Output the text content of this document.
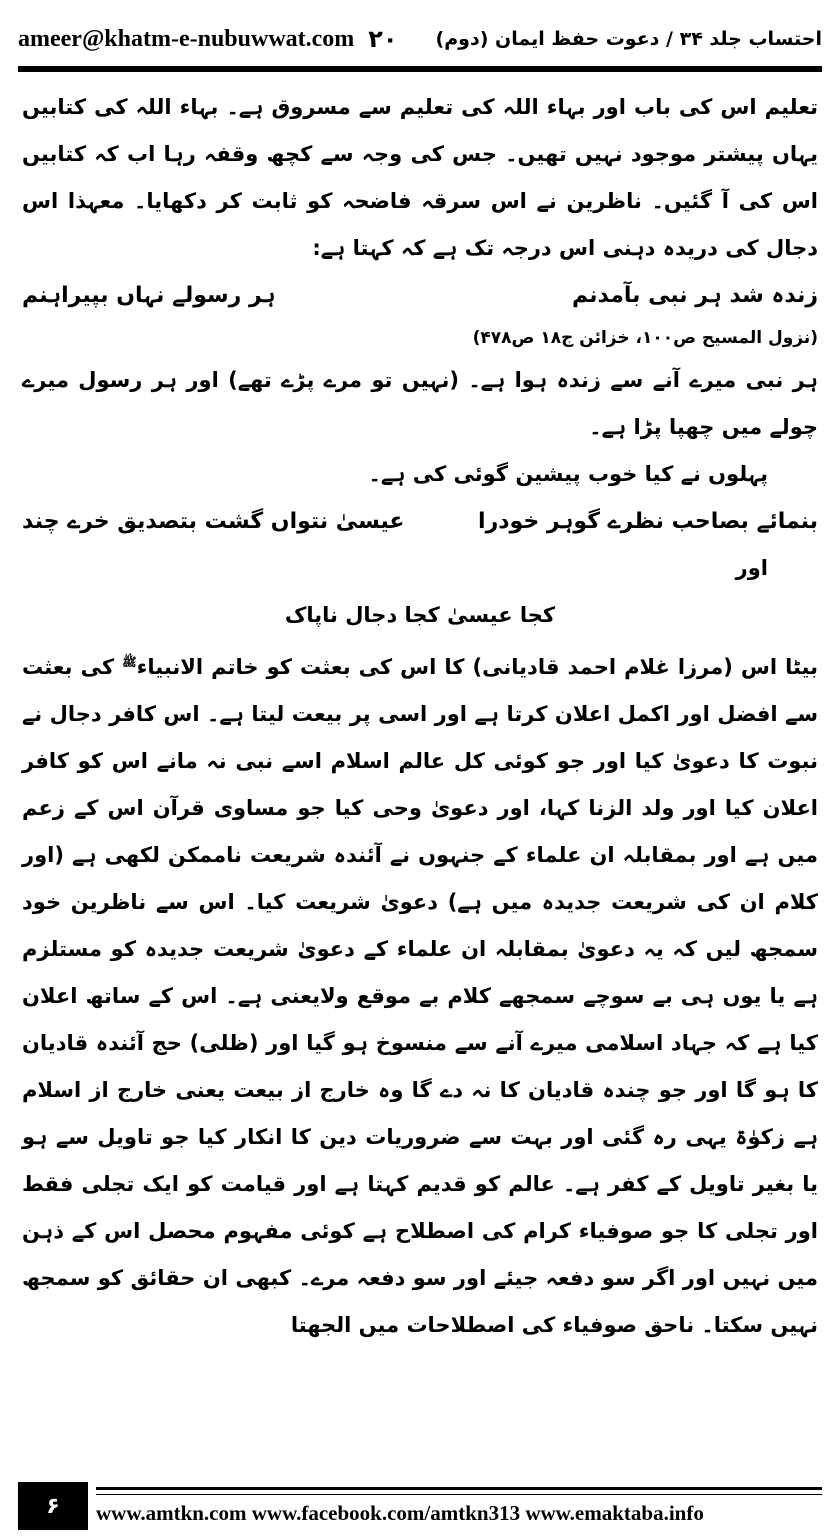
ameer@khatm-e-nubuwwat.com ۲۰ احتساب جلد ۳۴ / دعوت حفظ ایمان (دوم)

تعلیم اس کی باب اور بہاء اللہ کی تعلیم سے مسروق ہے۔ بہاء اللہ کی کتابیں یہاں پیشتر موجود نہیں تھیں۔ جس کی وجہ سے کچھ وقفہ رہا اب کہ کتابیں اس کی آ گئیں۔ ناظرین نے اس سرقہ فاضحہ کو ثابت کر دکھایا۔ معہذا اس دجال کی دریدہ دہنی اس درجہ تک ہے کہ کہتا ہے:

زندہ شد ہر نبی بآمدنم
ہر رسولے نہاں بپیراہنم

(نزول المسیح ص۱۰۰، خزائن ج۱۸ ص۴۷۸)

ہر نبی میرے آنے سے زندہ ہوا ہے۔ (نہیں تو مرے پڑے تھے) اور ہر رسول میرے چولے میں چھپا پڑا ہے۔

پہلوں نے کیا خوب پیشین گوئی کی ہے۔

بنمائے بصاحب نظرے گوہر خودرا
عیسیٰ نتواں گشت بتصدیق خرے چند

اور

کجا عیسیٰ کجا دجال ناپاک

بیٹا اس (مرزا غلام احمد قادیانی) کا اس کی بعثت کو خاتم الانبیاء$^ﷺ$ کی بعثت سے افضل اور اکمل اعلان کرتا ہے اور اسی پر بیعت لیتا ہے۔ اس کافر دجال نے نبوت کا دعویٰ کیا اور جو کوئی کل عالم اسلام اسے نبی نہ مانے اس کو کافر اعلان کیا اور ولد الزنا کہا، اور دعویٰ وحی کیا جو مساوی قرآن اس کے زعم میں ہے اور بمقابلہ ان علماء کے جنہوں نے آئندہ شریعت ناممکن لکھی ہے (اور کلام ان کی شریعت جدیدہ میں ہے) دعویٰ شریعت کیا۔ اس سے ناظرین خود سمجھ لیں کہ یہ دعویٰ بمقابلہ ان علماء کے دعویٰ شریعت جدیدہ کو مستلزم ہے یا یوں ہی بے سوچے سمجھے کلام بے موقع ولایعنی ہے۔ اس کے ساتھ اعلان کیا ہے کہ جہاد اسلامی میرے آنے سے منسوخ ہو گیا اور (ظلی) حج آئندہ قادیان کا ہو گا اور جو چندہ قادیان کا نہ دے گا وہ خارج از بیعت یعنی خارج از اسلام ہے زکوٰۃ یہی رہ گئی اور بہت سے ضروریات دین کا انکار کیا جو تاویل سے ہو یا بغیر تاویل کے کفر ہے۔ عالم کو قدیم کہتا ہے اور قیامت کو ایک تجلی فقط اور تجلی کا جو صوفیاء کرام کی اصطلاح ہے کوئی مفہوم محصل اس کے ذہن میں نہیں اور اگر سو دفعہ جیئے اور سو دفعہ مرے۔ کبھی ان حقائق کو سمجھ نہیں سکتا۔ ناحق صوفیاء کی اصطلاحات میں الجھتا

۶	www.amtkn.com www.facebook.com/amtkn313 www.emaktaba.info
